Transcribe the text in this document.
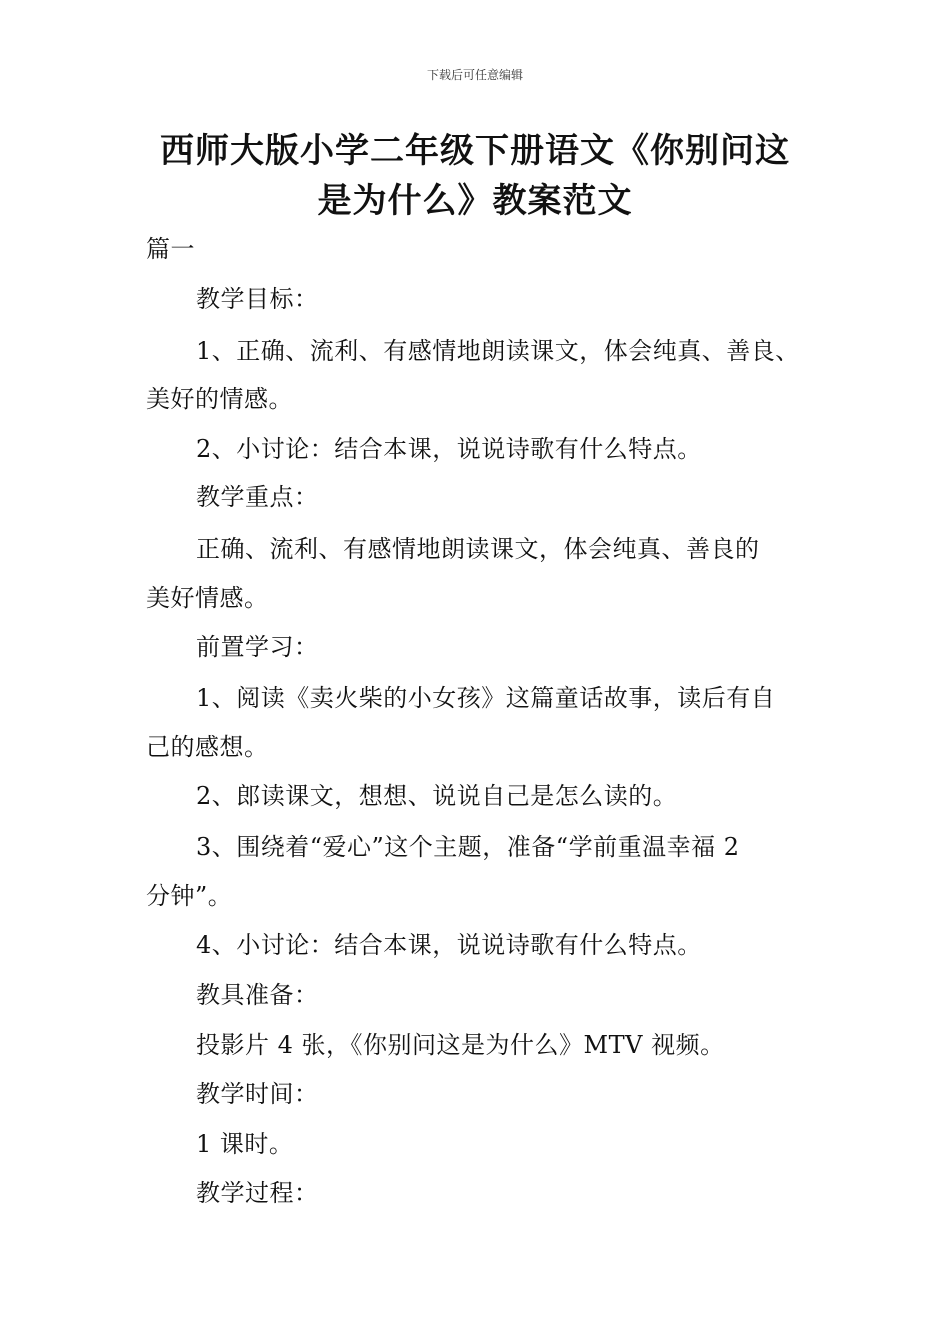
下载后可任意编辑
西师大版小学二年级下册语文《你别问这
是为什么》教案范文
篇一
教学目标：
1、正确、流利、有感情地朗读课文，体会纯真、善良、
美好的情感。
2、小讨论：结合本课，说说诗歌有什么特点。
教学重点：
正确、流利、有感情地朗读课文，体会纯真、善良的
美好情感。
前置学习：
1、阅读《卖火柴的小女孩》这篇童话故事，读后有自
己的感想。
2、郎读课文，想想、说说自己是怎么读的。
3、围绕着“爱心”这个主题，准备“学前重温幸福 2
分钟”。
4、小讨论：结合本课，说说诗歌有什么特点。
教具准备：
投影片 4 张，《你别问这是为什么》MTV 视频。
教学时间：
1 课时。
教学过程：
